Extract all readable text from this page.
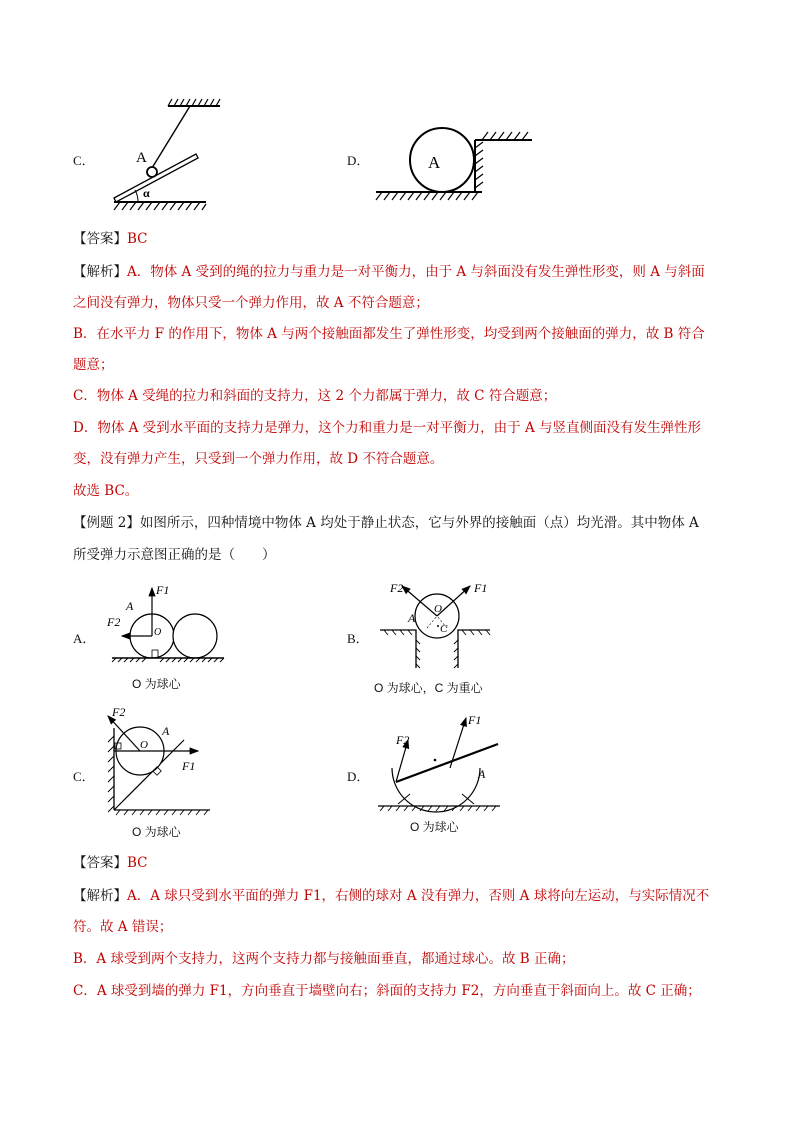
C．	A
α
D．	A
【答案】BC
【解析】A．物体 A 受到的绳的拉力与重力是一对平衡力，由于 A 与斜面没有发生弹性形变，则 A 与斜面
之间没有弹力，物体只受一个弹力作用，故 A 不符合题意；
B．在水平力 F 的作用下，物体 A 与两个接触面都发生了弹性形变，均受到两个接触面的弹力，故 B 符合
题意；
C．物体 A 受绳的拉力和斜面的支持力，这 2 个力都属于弹力，故 C 符合题意；
D．物体 A 受到水平面的支持力是弹力，这个力和重力是一对平衡力，由于 A 与竖直侧面没有发生弹性形
变，没有弹力产生，只受到一个弹力作用，故 D 不符合题意。
故选 BC。
【例题 2】如图所示，四种情境中物体 A 均处于静止状态，它与外界的接触面（点）均光滑。其中物体 A
所受弹力示意图正确的是（　　）
A．
F1
F2
A
O
O 为球心
B．
F2	F1
O
C
A
O 为球心，C 为重心
C．
F2
F1
O
A
O 为球心
D．
F2
F1
A
O 为球心
【答案】BC
【解析】A．A 球只受到水平面的弹力 F1，右侧的球对 A 没有弹力，否则 A 球将向左运动，与实际情况不
符。故 A 错误；
B．A 球受到两个支持力，这两个支持力都与接触面垂直，都通过球心。故 B 正确；
C．A 球受到墙的弹力 F1，方向垂直于墙壁向右；斜面的支持力 F2，方向垂直于斜面向上。故 C 正确；
